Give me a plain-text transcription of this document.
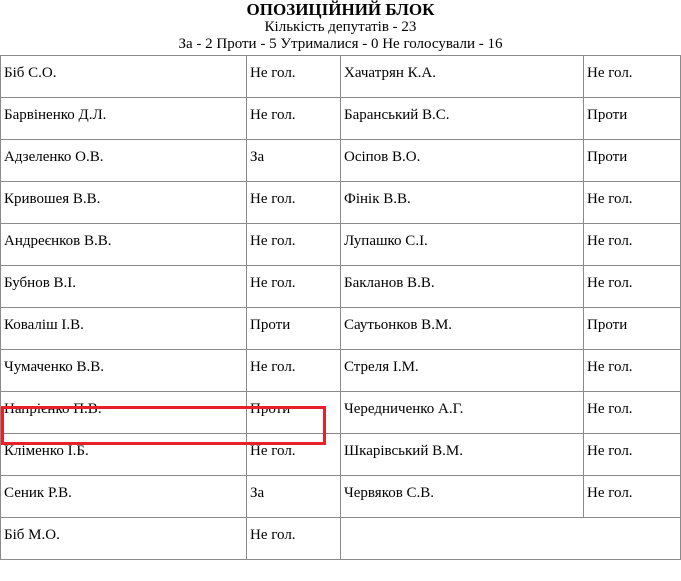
ОПОЗИЦІЙНИЙ БЛОК
Кількість депутатів - 23
За - 2 Проти - 5 Утрималися - 0 Не голосували - 16
Біб С.О.	Не гол.	Хачатрян К.А.	Не гол.
Барвіненко Д.Л.	Не гол.	Баранський В.С.	Проти
Адзеленко О.В.	За	Осіпов В.О.	Проти
Кривошея В.В.	Не гол.	Фінік В.В.	Не гол.
Андреєнков В.В.	Не гол.	Лупашко С.І.	Не гол.
Бубнов В.І.	Не гол.	Бакланов В.В.	Не гол.
Коваліш І.В.	Проти	Саутьонков В.М.	Проти
Чумаченко В.В.	Не гол.	Стреля І.М.	Не гол.
Напрієнко П.В.	Проти	Чередниченко А.Г.	Не гол.
Кліменко І.Б.	Не гол.	Шкарівський В.М.	Не гол.
Сеник Р.В.	За	Червяков С.В.	Не гол.
Біб М.О.	Не гол.		
